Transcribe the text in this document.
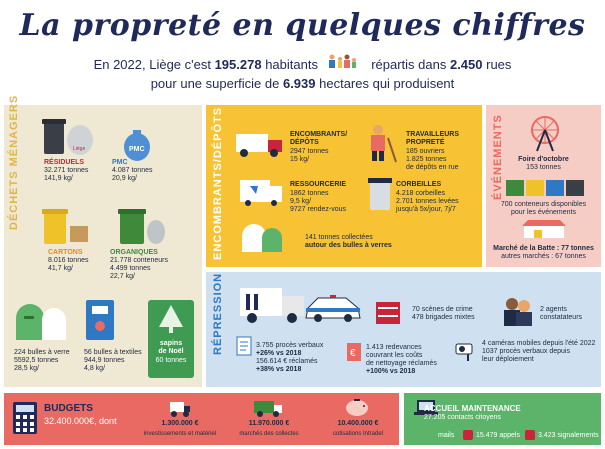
La propreté en quelques chiffres
En 2022, Liège c'est 195.278 habitants	répartis dans 2.450 rues
pour une superficie de 6.939 hectares qui produisent
DÉCHETS MÉNAGERS	Liège
RÉSIDUELS
32.271 tonnes
141,9 kg/
PMC
PMC
4.087 tonnes
20,9 kg/
CARTONS
8.016 tonnes
41,7 kg/
ORGANIQUES
21.778 conteneurs
4.499 tonnes
22,7 kg/
224 bulles à verre
5592,5 tonnes
28,5 kg/
56 bulles à textiles
944,9 tonnes
4,8 kg/
sapins
de Noël
60 tonnes
ENCOMBRANTS/DÉPÔTS	ENCOMBRANTS/
DÉPÔTS
2947 tonnes
15 kg/
TRAVAILLEURS
PROPRETÉ
185 ouvriers
1.825 tonnes
de dépôts en rue
RESSOURCERIE
1862 tonnes
9,5 kg/
9727 rendez-vous
CORBEILLES
4.218 corbeilles
2.701 tonnes levées
jusqu'à 5x/jour, 7j/7
141 tonnes collectées
autour des bulles à verres
ÉVÉNEMENTS	Foire d'octobre
153 tonnes
700 conteneurs disponibles
pour les événements
Marché de la Batte : 77 tonnes
autres marchés : 67 tonnes
RÉPRESSION	70 scènes de crime
478 brigades mixtes
2 agents
constatateurs
3.755 procès verbaux
+26% vs 2018
156.614 € réclamés
+38% vs 2018
€
1.413 redevances
couvrant les coûts
de nettoyage réclamés
+100% vs 2018
4 caméras mobiles depuis l'été 2022
1037 procès verbaux depuis
leur déploiement
BUDGETS
32.400.000€, dont	1.300.000 €
investissements et matériel
11.970.000 €
marchés des collectes
10.400.000 €
cotisations Intradel
ACCUEIL MAINTENANCE
27.205 contacts citoyens
mails	15.479 appels	3.423 signalements
